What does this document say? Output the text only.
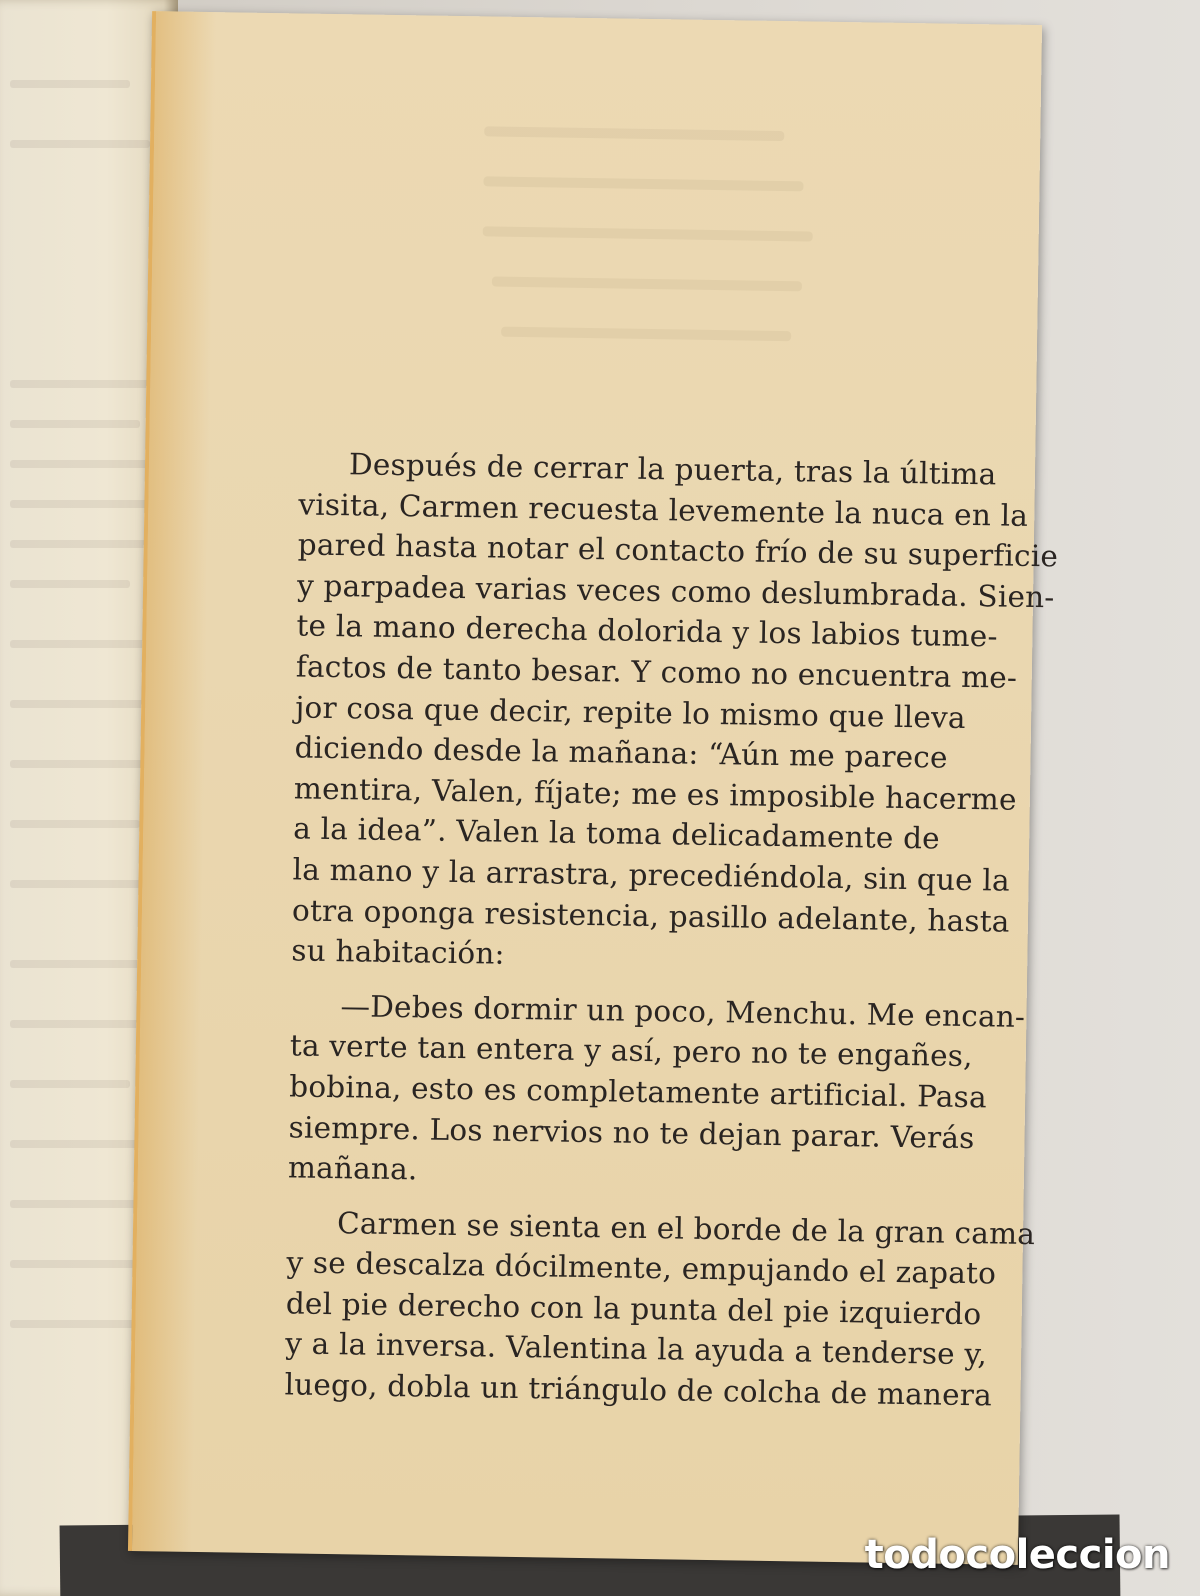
Después de cerrar la puerta, tras la última
visita, Carmen recuesta levemente la nuca en la
pared hasta notar el contacto frío de su superficie
y parpadea varias veces como deslumbrada. Sien-
te la mano derecha dolorida y los labios tume-
factos de tanto besar. Y como no encuentra me-
jor cosa que decir, repite lo mismo que lleva
diciendo desde la mañana: “Aún me parece
mentira, Valen, fíjate; me es imposible hacerme
a la idea”. Valen la toma delicadamente de
la mano y la arrastra, precediéndola, sin que la
otra oponga resistencia, pasillo adelante, hasta
su habitación:
—Debes dormir un poco, Menchu. Me encan-
ta verte tan entera y así, pero no te engañes,
bobina, esto es completamente artificial. Pasa
siempre. Los nervios no te dejan parar. Verás
mañana.
Carmen se sienta en el borde de la gran cama
y se descalza dócilmente, empujando el zapato
del pie derecho con la punta del pie izquierdo
y a la inversa. Valentina la ayuda a tenderse y,
luego, dobla un triángulo de colcha de manera
todocoleccion
